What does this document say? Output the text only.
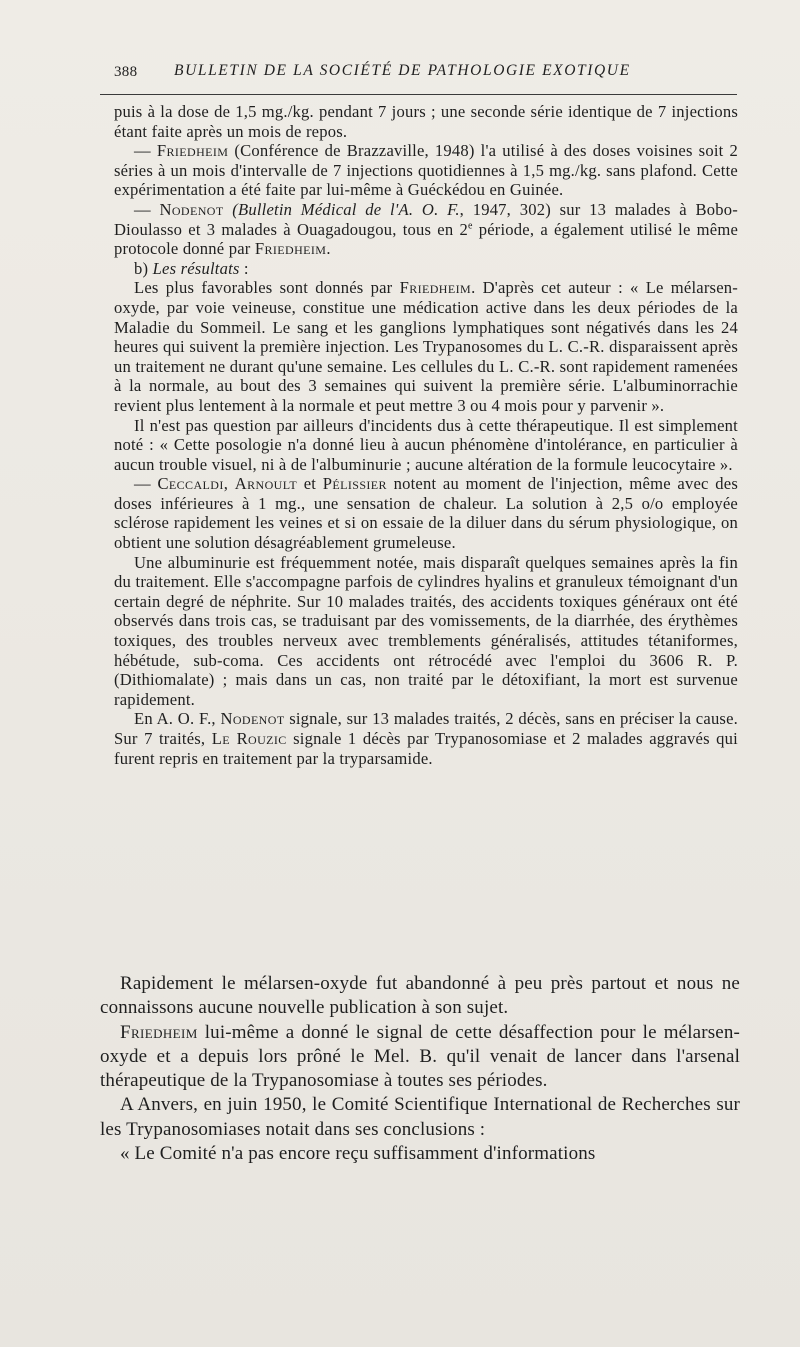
388 BULLETIN DE LA SOCIÉTÉ DE PATHOLOGIE EXOTIQUE

puis à la dose de 1,5 mg./kg. pendant 7 jours ; une seconde série identique de 7 injections étant faite après un mois de repos.

— Friedheim (Conférence de Brazzaville, 1948) l'a utilisé à des doses voisines soit 2 séries à un mois d'intervalle de 7 injections quotidiennes à 1,5 mg./kg. sans plafond. Cette expérimentation a été faite par lui-même à Guéckédou en Guinée.

— Nodenot (Bulletin Médical de l'A. O. F., 1947, 302) sur 13 malades à Bobo-Dioulasso et 3 malades à Ouagadougou, tous en 2e période, a également utilisé le même protocole donné par Friedheim.

b) Les résultats :

Les plus favorables sont donnés par Friedheim. D'après cet auteur : « Le mélarsen-oxyde, par voie veineuse, constitue une médication active dans les deux périodes de la Maladie du Sommeil. Le sang et les ganglions lymphatiques sont négativés dans les 24 heures qui suivent la première injection. Les Trypanosomes du L. C.-R. disparaissent après un traitement ne durant qu'une semaine. Les cellules du L. C.-R. sont rapidement ramenées à la normale, au bout des 3 semaines qui suivent la première série. L'albuminorrachie revient plus lentement à la normale et peut mettre 3 ou 4 mois pour y parvenir ».

Il n'est pas question par ailleurs d'incidents dus à cette thérapeutique. Il est simplement noté : « Cette posologie n'a donné lieu à aucun phénomène d'intolérance, en particulier à aucun trouble visuel, ni à de l'albuminurie ; aucune altération de la formule leucocytaire ».

— Ceccaldi, Arnoult et Pélissier notent au moment de l'injection, même avec des doses inférieures à 1 mg., une sensation de chaleur. La solution à 2,5 o/o employée sclérose rapidement les veines et si on essaie de la diluer dans du sérum physiologique, on obtient une solution désagréablement grumeleuse.

Une albuminurie est fréquemment notée, mais disparaît quelques semaines après la fin du traitement. Elle s'accompagne parfois de cylindres hyalins et granuleux témoignant d'un certain degré de néphrite. Sur 10 malades traités, des accidents toxiques généraux ont été observés dans trois cas, se traduisant par des vomissements, de la diarrhée, des érythèmes toxiques, des troubles nerveux avec tremblements généralisés, attitudes tétaniformes, hébétude, sub-coma. Ces accidents ont rétrocédé avec l'emploi du 3606 R. P. (Dithiomalate) ; mais dans un cas, non traité par le détoxifiant, la mort est survenue rapidement.

En A. O. F., Nodenot signale, sur 13 malades traités, 2 décès, sans en préciser la cause. Sur 7 traités, Le Rouzic signale 1 décès par Trypanosomiase et 2 malades aggravés qui furent repris en traitement par la tryparsamide.

Rapidement le mélarsen-oxyde fut abandonné à peu près partout et nous ne connaissons aucune nouvelle publication à son sujet.

Friedheim lui-même a donné le signal de cette désaffection pour le mélarsen-oxyde et a depuis lors prôné le Mel. B. qu'il venait de lancer dans l'arsenal thérapeutique de la Trypanosomiase à toutes ses périodes.

A Anvers, en juin 1950, le Comité Scientifique International de Recherches sur les Trypanosomiases notait dans ses conclusions :

« Le Comité n'a pas encore reçu suffisamment d'informations
